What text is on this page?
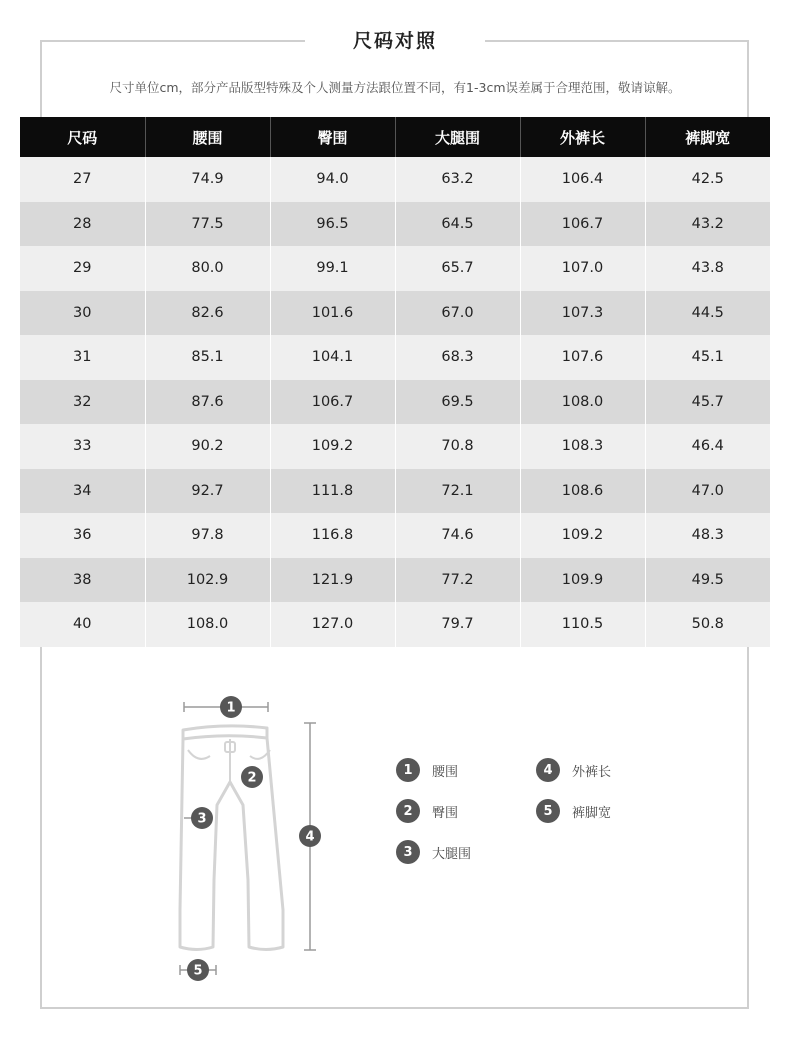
尺码对照
尺寸单位cm，部分产品版型特殊及个人测量方法跟位置不同，有1-3cm误差属于合理范围，敬请谅解。
尺码	腰围	臀围	大腿围	外裤长	裤脚宽
27	74.9	94.0	63.2	106.4	42.5
28	77.5	96.5	64.5	106.7	43.2
29	80.0	99.1	65.7	107.0	43.8
30	82.6	101.6	67.0	107.3	44.5
31	85.1	104.1	68.3	107.6	45.1
32	87.6	106.7	69.5	108.0	45.7
33	90.2	109.2	70.8	108.3	46.4
34	92.7	111.8	72.1	108.6	47.0
36	97.8	116.8	74.6	109.2	48.3
38	102.9	121.9	77.2	109.9	49.5
40	108.0	127.0	79.7	110.5	50.8
1
2
3
4
5
1	腰围
2	臀围
3	大腿围
4	外裤长
5	裤脚宽
